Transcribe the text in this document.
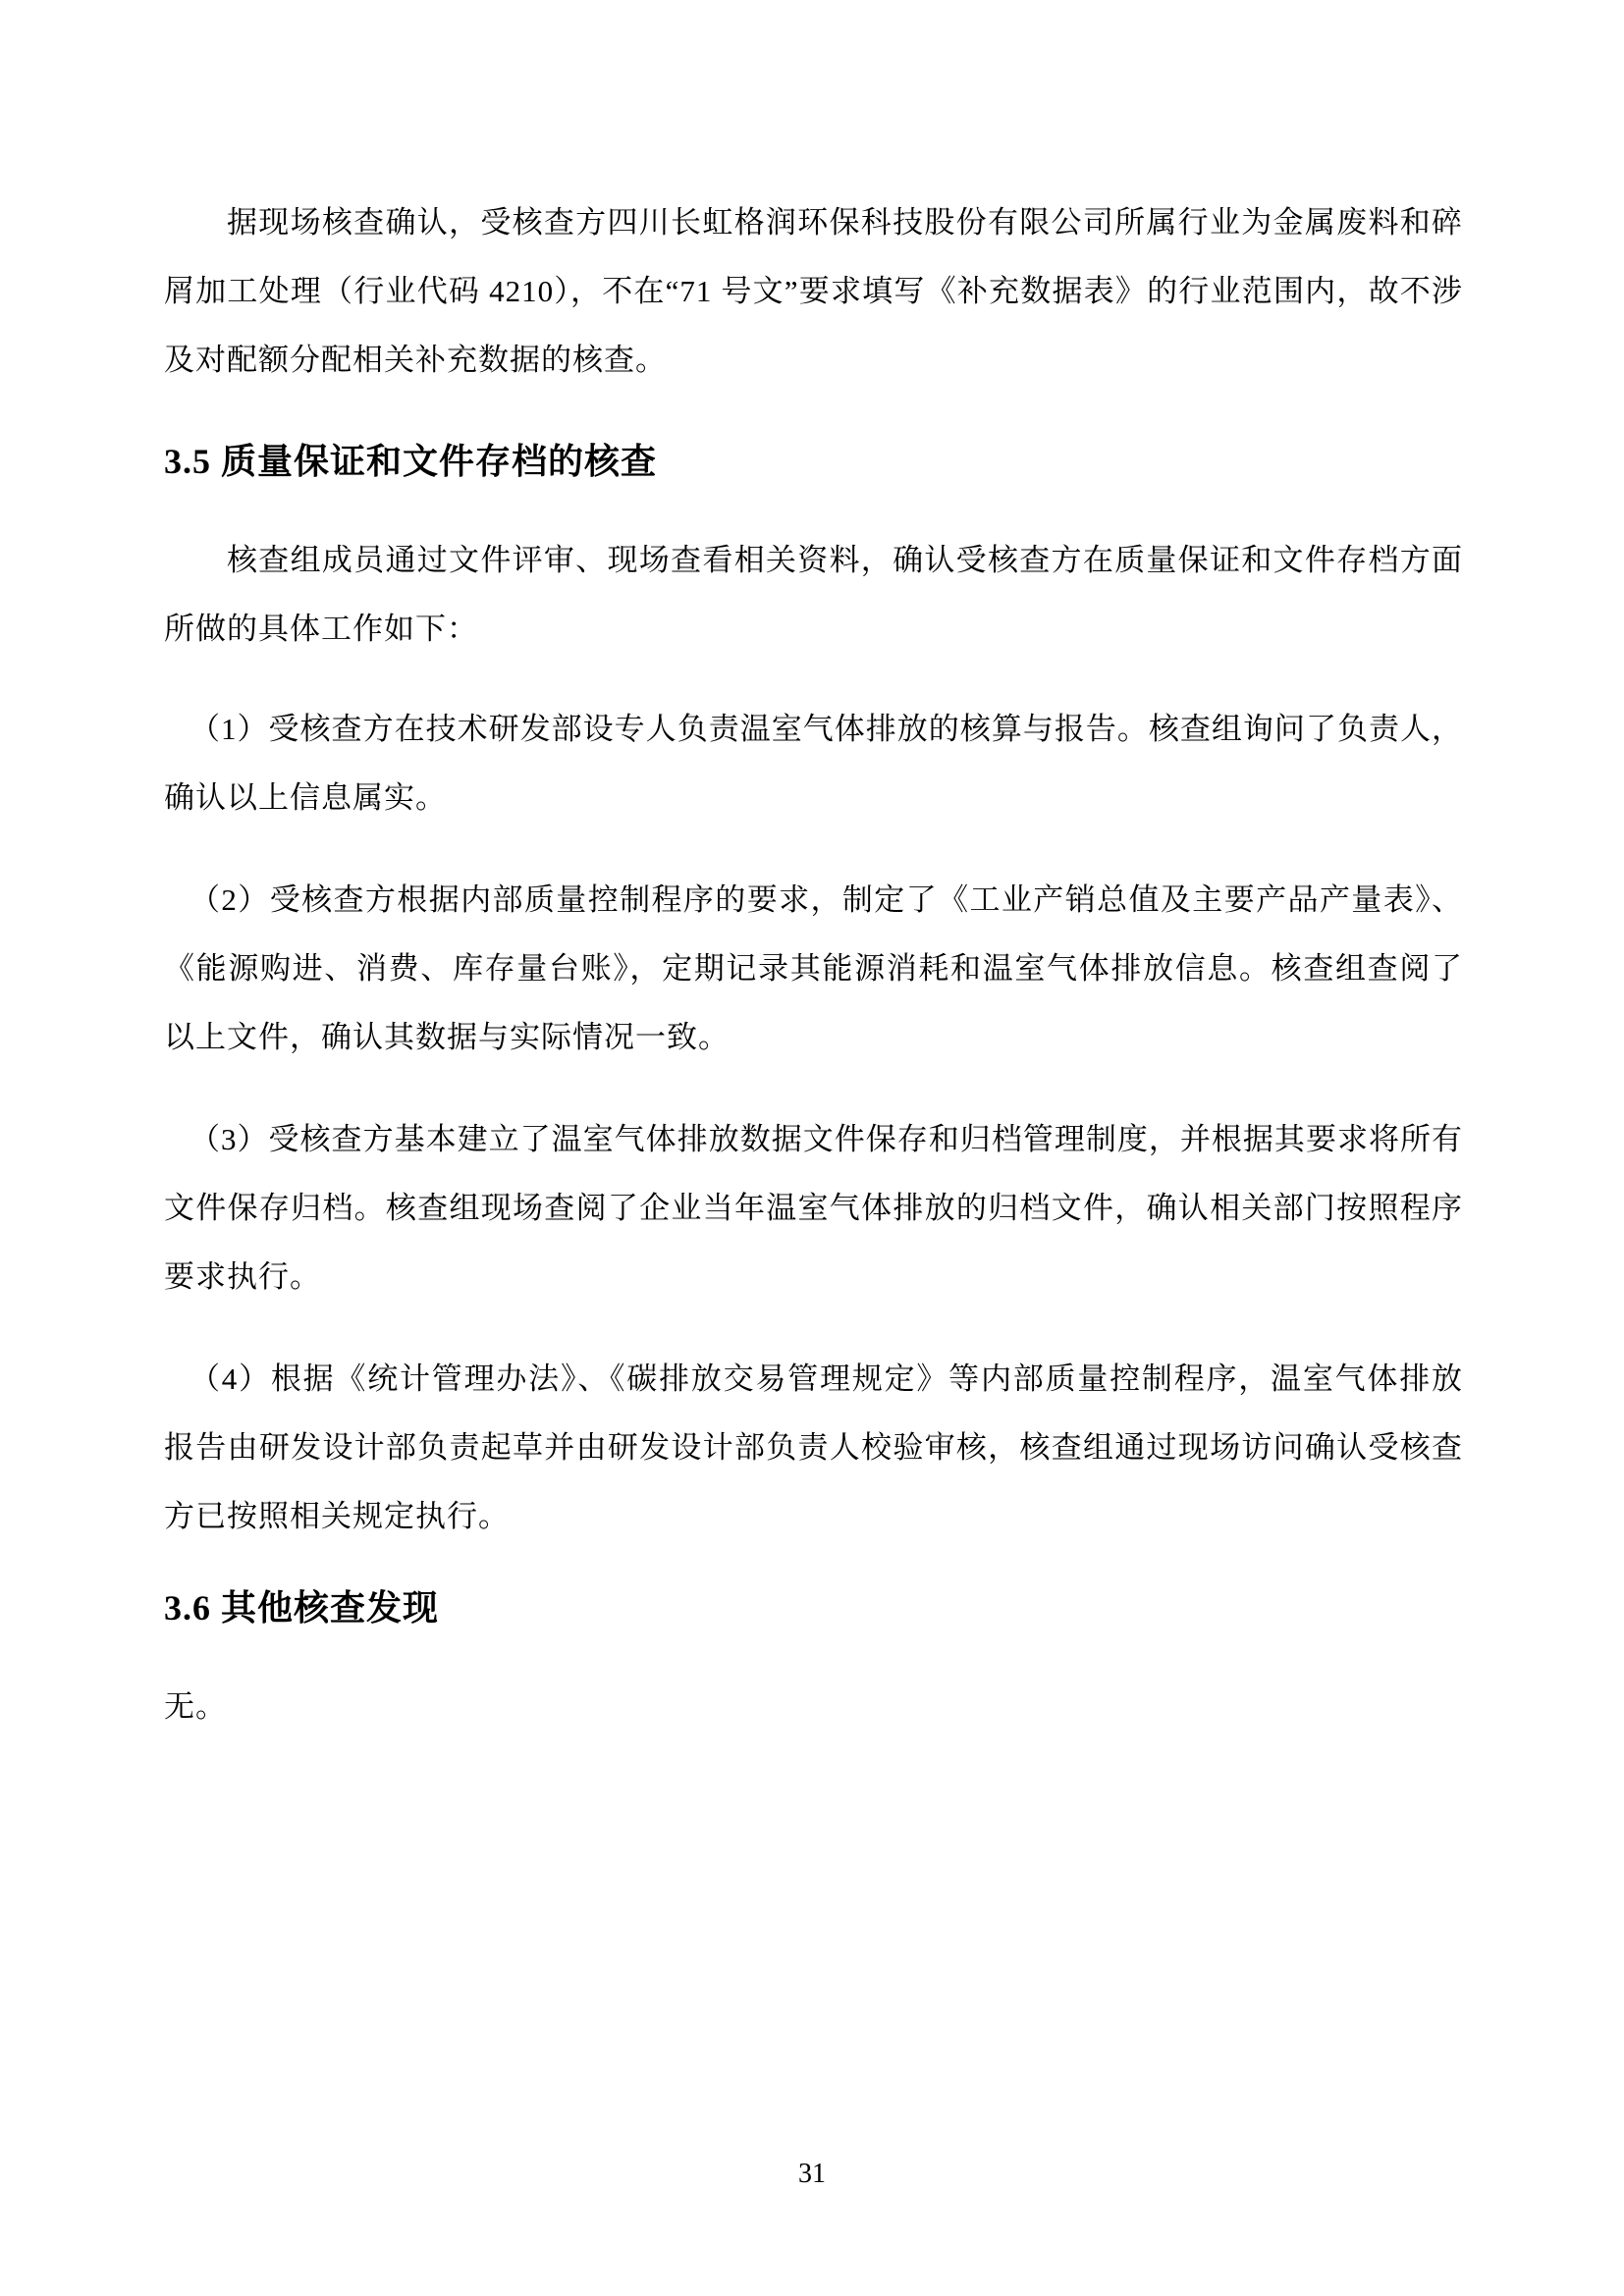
据现场核查确认，受核查方四川长虹格润环保科技股份有限公司所属行业为金属废料和碎屑加工处理（行业代码 4210），不在“71 号文”要求填写《补充数据表》的行业范围内，故不涉及对配额分配相关补充数据的核查。

3.5 质量保证和文件存档的核查

核查组成员通过文件评审、现场查看相关资料，确认受核查方在质量保证和文件存档方面所做的具体工作如下：

（1）受核查方在技术研发部设专人负责温室气体排放的核算与报告。核查组询问了负责人，确认以上信息属实。

（2）受核查方根据内部质量控制程序的要求，制定了《工业产销总值及主要产品产量表》、《能源购进、消费、库存量台账》，定期记录其能源消耗和温室气体排放信息。核查组查阅了以上文件，确认其数据与实际情况一致。

（3）受核查方基本建立了温室气体排放数据文件保存和归档管理制度，并根据其要求将所有文件保存归档。核查组现场查阅了企业当年温室气体排放的归档文件，确认相关部门按照程序要求执行。

（4）根据《统计管理办法》、《碳排放交易管理规定》等内部质量控制程序，温室气体排放报告由研发设计部负责起草并由研发设计部负责人校验审核，核查组通过现场访问确认受核查方已按照相关规定执行。

3.6 其他核查发现

无。

31
